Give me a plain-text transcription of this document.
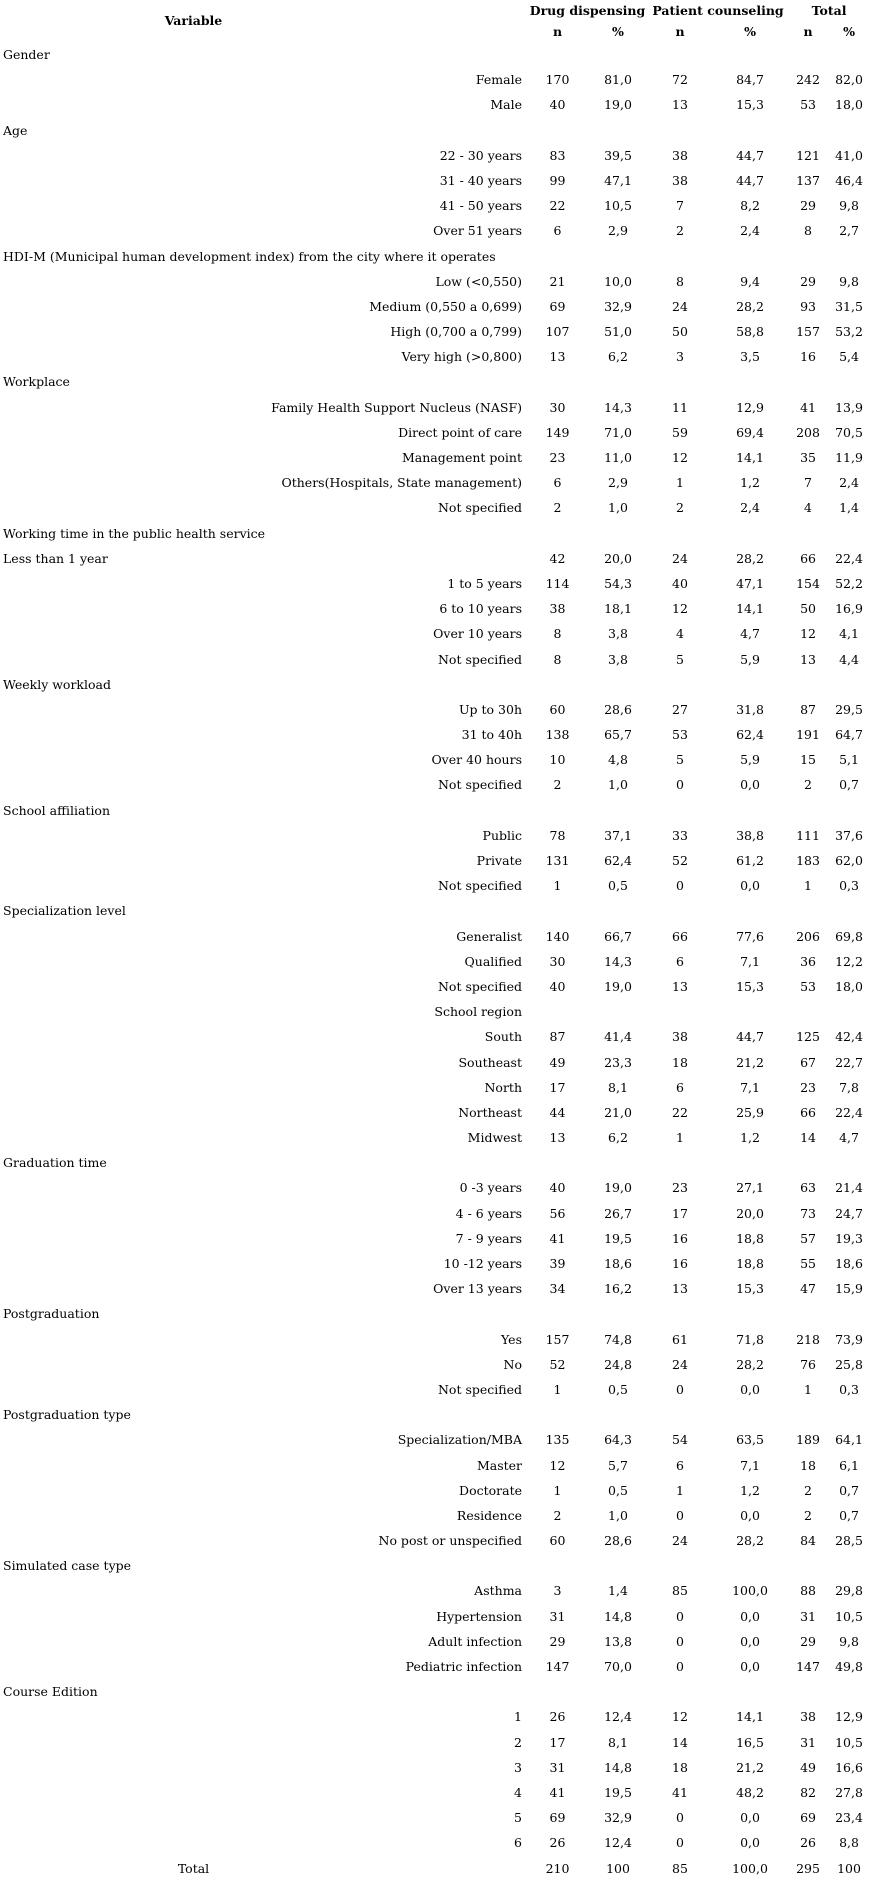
Variable	Drug dispensing		Patient counseling		Total	
	n	%	n	%	n	%
Gender						
Female	170	81,0	72	84,7	242	82,0
Male	40	19,0	13	15,3	53	18,0
Age						
22 - 30 years	83	39,5	38	44,7	121	41,0
31 - 40 years	99	47,1	38	44,7	137	46,4
41 - 50 years	22	10,5	7	8,2	29	9,8
Over 51 years	6	2,9	2	2,4	8	2,7
HDI-M (Municipal human development index) from the city where it operates						
Low (<0,550)	21	10,0	8	9,4	29	9,8
Medium (0,550 a 0,699)	69	32,9	24	28,2	93	31,5
High (0,700 a 0,799)	107	51,0	50	58,8	157	53,2
Very high (>0,800)	13	6,2	3	3,5	16	5,4
Workplace						
Family Health Support Nucleus (NASF)	30	14,3	11	12,9	41	13,9
Direct point of care	149	71,0	59	69,4	208	70,5
Management point	23	11,0	12	14,1	35	11,9
Others(Hospitals, State management)	6	2,9	1	1,2	7	2,4
Not specified	2	1,0	2	2,4	4	1,4
Working time in the public health service						
Less than 1 year	42	20,0	24	28,2	66	22,4
1 to 5 years	114	54,3	40	47,1	154	52,2
6 to 10 years	38	18,1	12	14,1	50	16,9
Over 10 years	8	3,8	4	4,7	12	4,1
Not specified	8	3,8	5	5,9	13	4,4
Weekly workload						
Up to 30h	60	28,6	27	31,8	87	29,5
31 to 40h	138	65,7	53	62,4	191	64,7
Over 40 hours	10	4,8	5	5,9	15	5,1
Not specified	2	1,0	0	0,0	2	0,7
School affiliation						
Public	78	37,1	33	38,8	111	37,6
Private	131	62,4	52	61,2	183	62,0
Not specified	1	0,5	0	0,0	1	0,3
Specialization level						
Generalist	140	66,7	66	77,6	206	69,8
Qualified	30	14,3	6	7,1	36	12,2
Not specified	40	19,0	13	15,3	53	18,0
School region						
South	87	41,4	38	44,7	125	42,4
Southeast	49	23,3	18	21,2	67	22,7
North	17	8,1	6	7,1	23	7,8
Northeast	44	21,0	22	25,9	66	22,4
Midwest	13	6,2	1	1,2	14	4,7
Graduation time						
0 -3 years	40	19,0	23	27,1	63	21,4
4 - 6 years	56	26,7	17	20,0	73	24,7
7 - 9 years	41	19,5	16	18,8	57	19,3
10 -12 years	39	18,6	16	18,8	55	18,6
Over 13 years	34	16,2	13	15,3	47	15,9
Postgraduation						
Yes	157	74,8	61	71,8	218	73,9
No	52	24,8	24	28,2	76	25,8
Not specified	1	0,5	0	0,0	1	0,3
Postgraduation type						
Specialization/MBA	135	64,3	54	63,5	189	64,1
Master	12	5,7	6	7,1	18	6,1
Doctorate	1	0,5	1	1,2	2	0,7
Residence	2	1,0	0	0,0	2	0,7
No post or unspecified	60	28,6	24	28,2	84	28,5
Simulated case type						
Asthma	3	1,4	85	100,0	88	29,8
Hypertension	31	14,8	0	0,0	31	10,5
Adult infection	29	13,8	0	0,0	29	9,8
Pediatric infection	147	70,0	0	0,0	147	49,8
Course Edition						
1	26	12,4	12	14,1	38	12,9
2	17	8,1	14	16,5	31	10,5
3	31	14,8	18	21,2	49	16,6
4	41	19,5	41	48,2	82	27,8
5	69	32,9	0	0,0	69	23,4
6	26	12,4	0	0,0	26	8,8
Total	210	100	85	100,0	295	100
